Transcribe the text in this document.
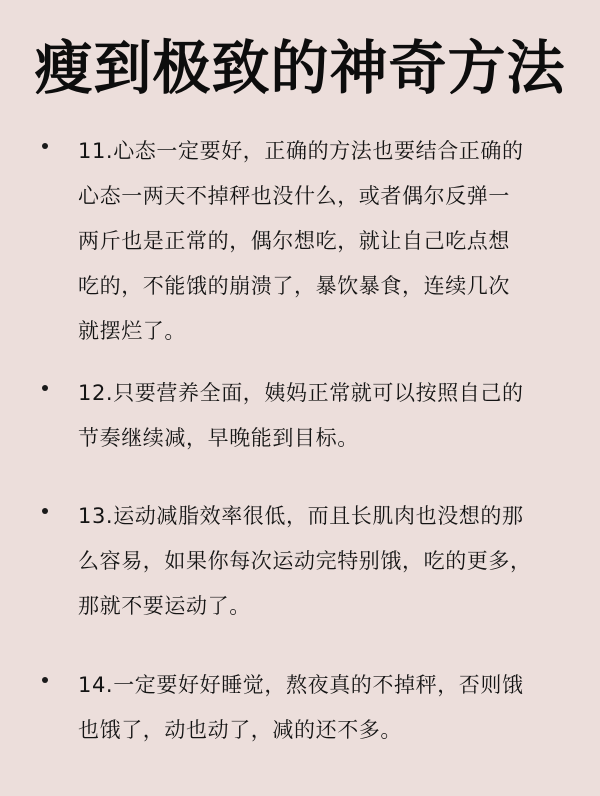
瘦到极致的神奇方法
11.心态一定要好，正确的方法也要结合正确的
心态一两天不掉秤也没什么，或者偶尔反弹一
两斤也是正常的，偶尔想吃，就让自己吃点想
吃的，不能饿的崩溃了，暴饮暴食，连续几次
就摆烂了。
12.只要营养全面，姨妈正常就可以按照自己的
节奏继续减，早晚能到目标。
13.运动减脂效率很低，而且长肌肉也没想的那
么容易，如果你每次运动完特别饿，吃的更多，
那就不要运动了。
14.一定要好好睡觉，熬夜真的不掉秤，否则饿
也饿了，动也动了，减的还不多。
